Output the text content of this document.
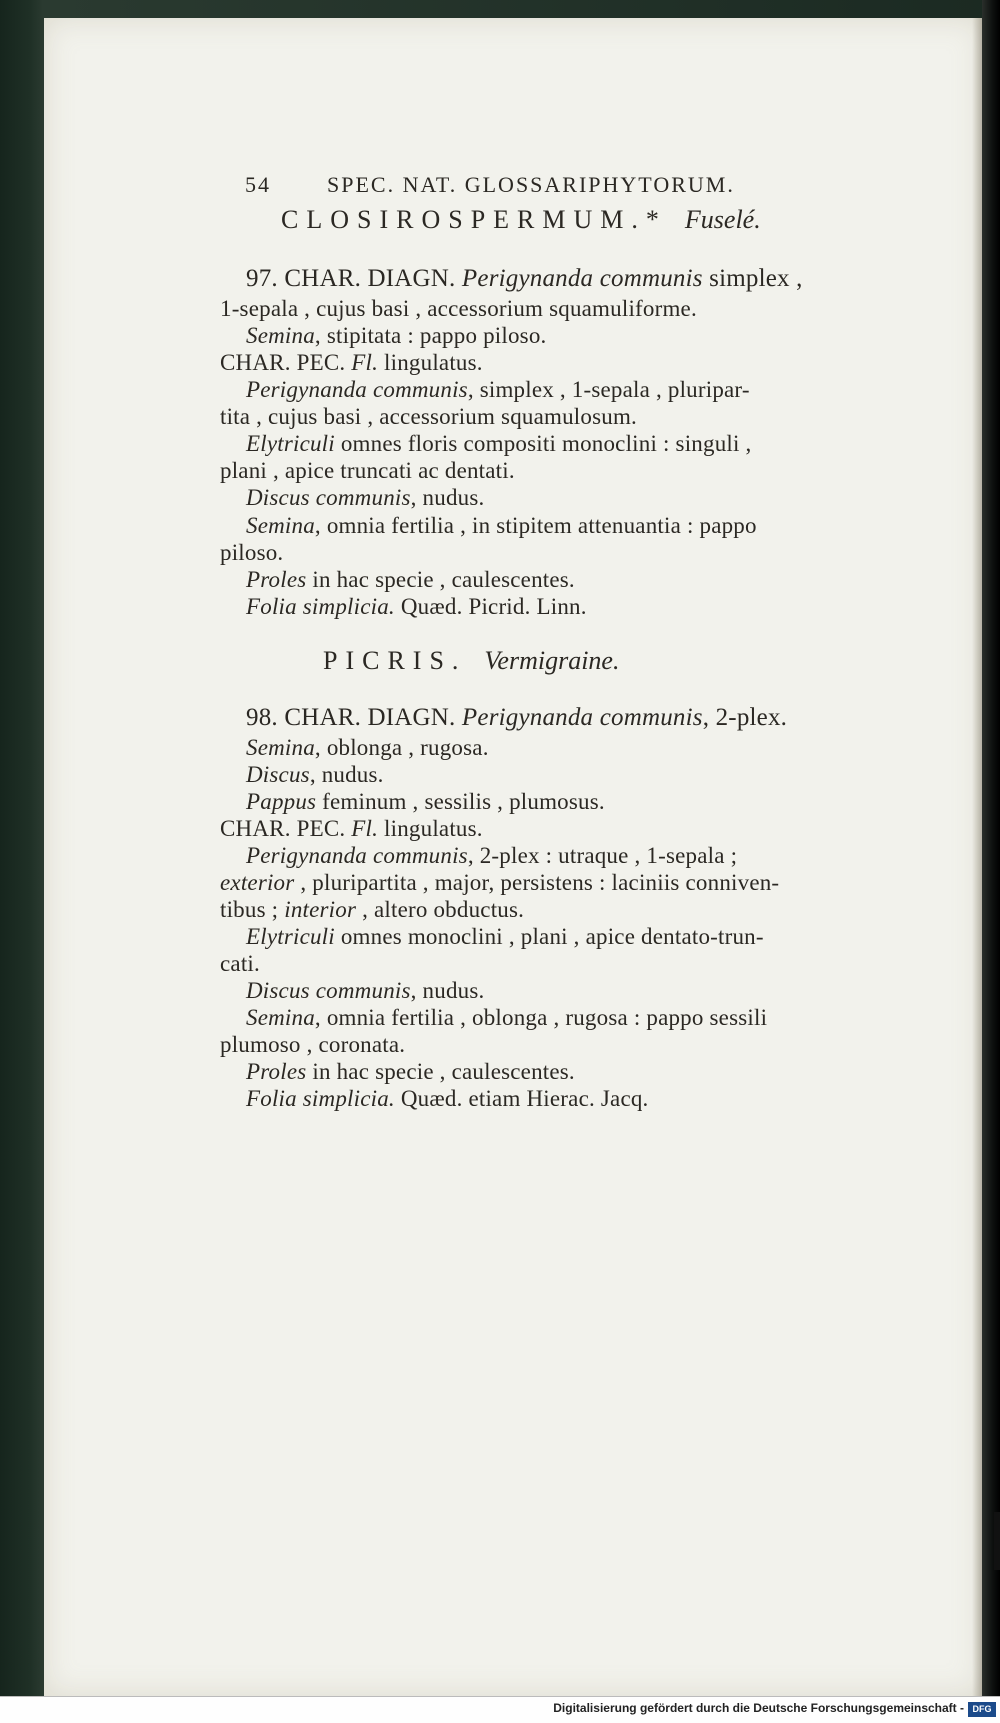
54	SPEC. NAT. GLOSSARIPHYTORUM.
CLOSIROSPERMUM.* Fuselé.
97. CHAR. DIAGN. Perigynanda communis simplex ,
1-sepala , cujus basi , accessorium squamuliforme.
Semina, stipitata : pappo piloso.
CHAR. PEC. Fl. lingulatus.
Perigynanda communis, simplex , 1-sepala , pluripar-
tita , cujus basi , accessorium squamulosum.
Elytriculi omnes floris compositi monoclini : singuli ,
plani , apice truncati ac dentati.
Discus communis, nudus.
Semina, omnia fertilia , in stipitem attenuantia : pappo
piloso.
Proles in hac specie , caulescentes.
Folia simplicia. Quæd. Picrid. Linn.
PICRIS. Vermigraine.
98. CHAR. DIAGN. Perigynanda communis, 2-plex.
Semina, oblonga , rugosa.
Discus, nudus.
Pappus feminum , sessilis , plumosus.
CHAR. PEC. Fl. lingulatus.
Perigynanda communis, 2-plex : utraque , 1-sepala ;
exterior , pluripartita , major, persistens : laciniis conniven-
tibus ; interior , altero obductus.
Elytriculi omnes monoclini , plani , apice dentato-trun-
cati.
Discus communis, nudus.
Semina, omnia fertilia , oblonga , rugosa : pappo sessili
plumoso , coronata.
Proles in hac specie , caulescentes.
Folia simplicia. Quæd. etiam Hierac. Jacq.
Digitalisierung gefördert durch die Deutsche Forschungsgemeinschaft - DFG
